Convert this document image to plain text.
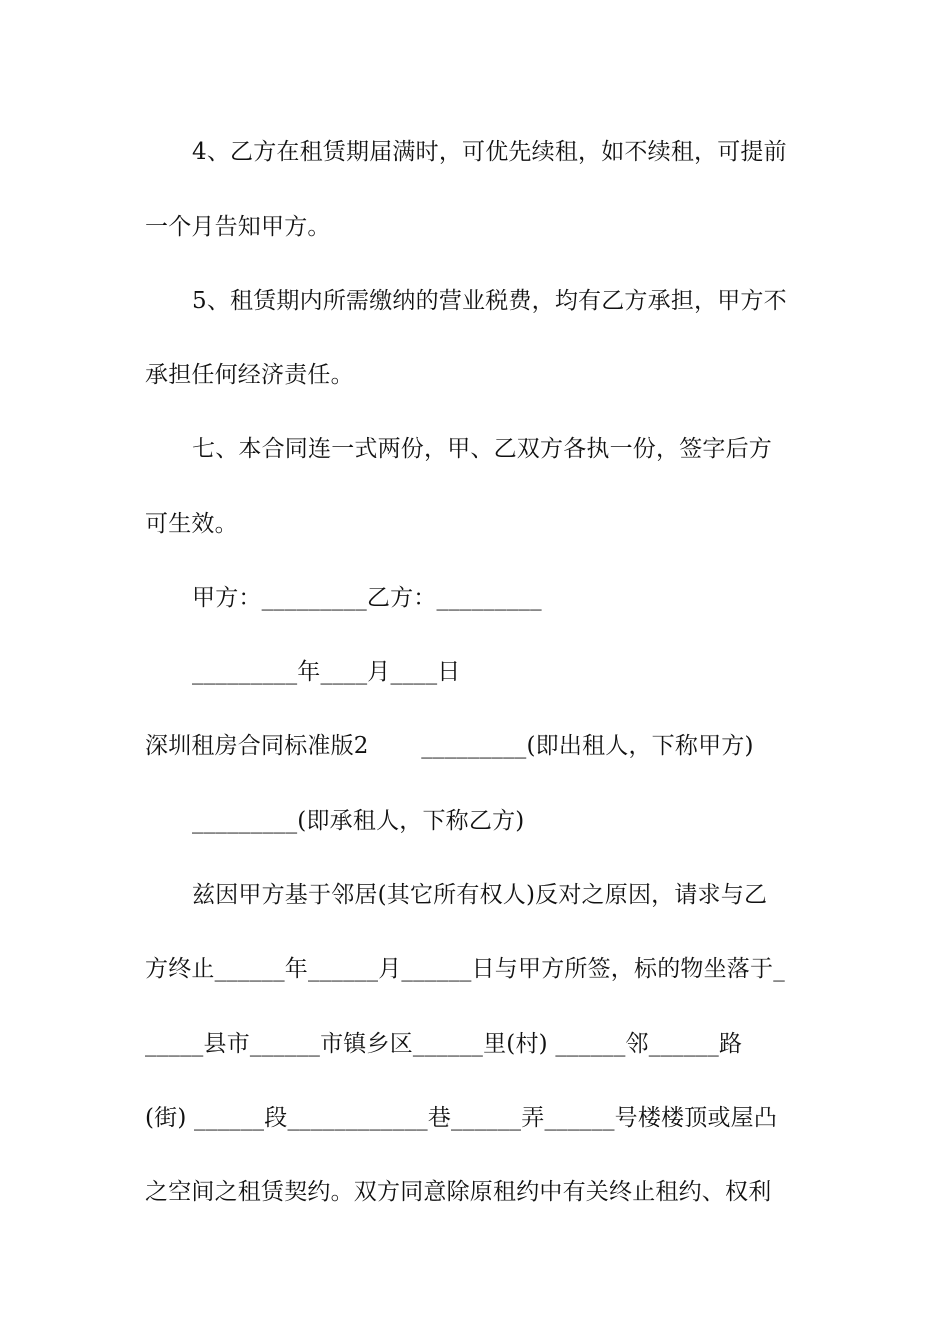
4、乙方在租赁期届满时，可优先续租，如不续租，可提前
一个月告知甲方。
5、租赁期内所需缴纳的营业税费，均有乙方承担，甲方不
承担任何经济责任。
七、本合同连一式两份，甲、乙双方各执一份，签字后方
可生效。
甲方：_________乙方：_________
_________年____月____日
深圳租房合同标准版2       _________(即出租人，下称甲方)
_________(即承租人，下称乙方)
兹因甲方基于邻居(其它所有权人)反对之原因，请求与乙
方终止______年______月______日与甲方所签，标的物坐落于_
_____县市______市镇乡区______里(村) ______邻______路
(街) ______段____________巷______弄______号楼楼顶或屋凸
之空间之租赁契约。双方同意除原租约中有关终止租约、权利
